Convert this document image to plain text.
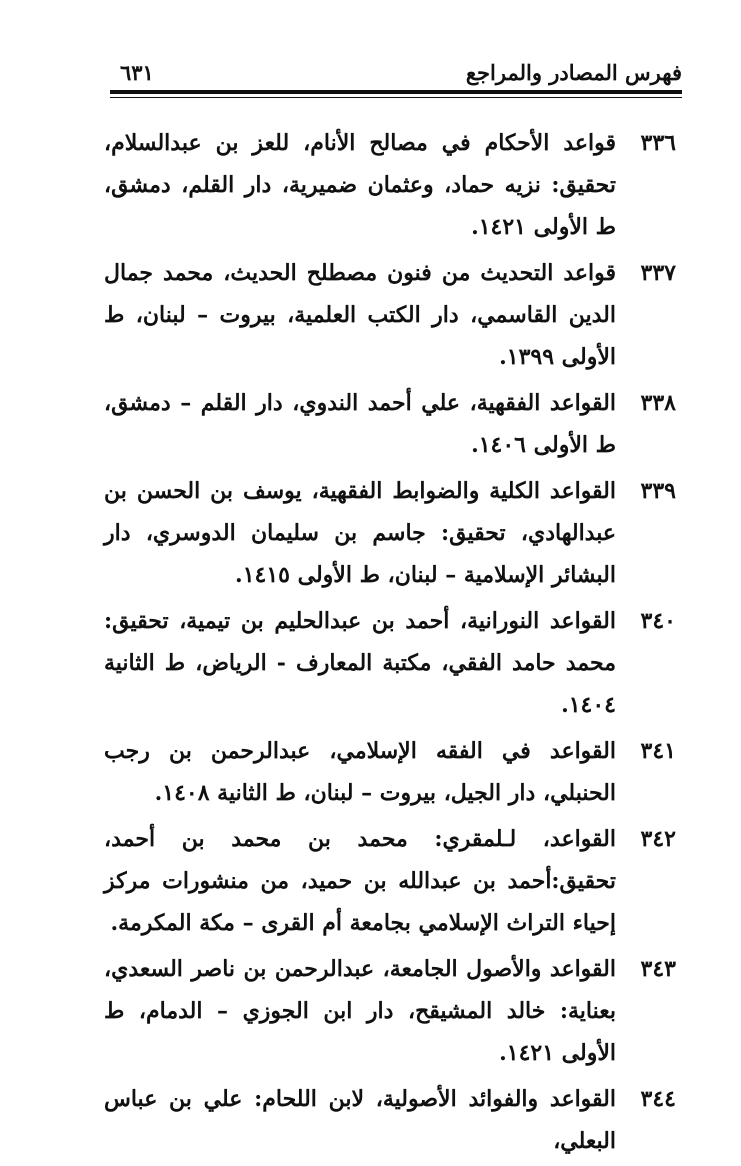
فهرس المصادر والمراجع
٦٣١
٣٣٦

قواعد الأحكام في مصالح الأنام، للعز بن عبدالسلام، تحقيق: نزيه حماد، وعثمان ضميرية، دار القلم، دمشق، ط الأولى ١٤٢١.

٣٣٧

قواعد التحديث من فنون مصطلح الحديث، محمد جمال الدين القاسمي، دار الكتب العلمية، بيروت – لبنان، ط الأولى ١٣٩٩.

٣٣٨

القواعد الفقهية، علي أحمد الندوي، دار القلم – دمشق، ط الأولى ١٤٠٦.

٣٣٩

القواعد الكلية والضوابط الفقهية، يوسف بن الحسن بن عبدالهادي، تحقيق: جاسم بن سليمان الدوسري، دار البشائر الإسلامية – لبنان، ط الأولى ١٤١٥.

٣٤٠

القواعد النورانية، أحمد بن عبدالحليم بن تيمية، تحقيق: محمد حامد الفقي، مكتبة المعارف - الرياض، ط الثانية ١٤٠٤.

٣٤١

القواعد في الفقه الإسلامي، عبدالرحمن بن رجب الحنبلي، دار الجيل، بيروت – لبنان، ط الثانية ١٤٠٨.

٣٤٢

القواعد، لـلمقري: محمد بن محمد بن أحمد، تحقيق:أحمد بن عبدالله بن حميد، من منشورات مركز إحياء التراث الإسلامي بجامعة أم القرى – مكة المكرمة.

٣٤٣

القواعد والأصول الجامعة، عبدالرحمن بن ناصر السعدي، بعناية: خالد المشيقح، دار ابن الجوزي – الدمام، ط الأولى ١٤٢١.

٣٤٤

القواعد والفوائد الأصولية، لابن اللحام: علي بن عباس البعلي،
